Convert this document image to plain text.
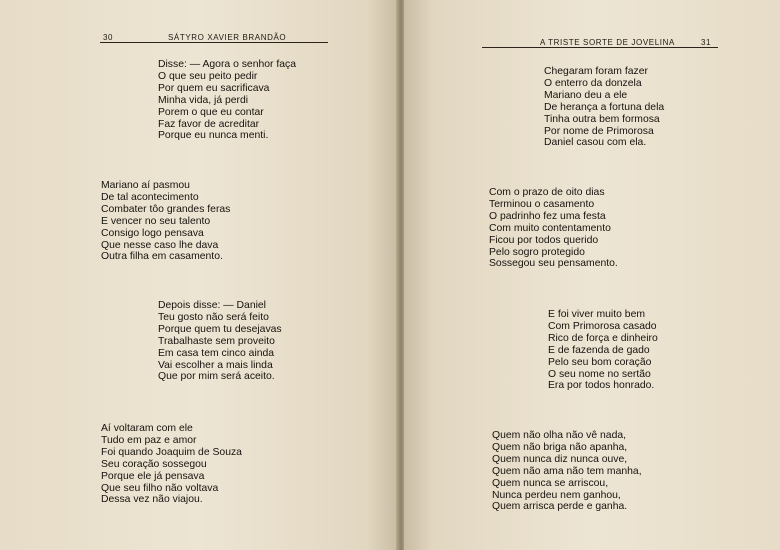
30	SÁTYRO XAVIER BRANDÃO
Disse: — Agora o senhor faça
O que seu peito pedir
Por quem eu sacrificava
Minha vida, já perdi
Porem o que eu contar
Faz favor de acreditar
Porque eu nunca menti.
Mariano aí pasmou
De tal acontecimento
Combater tôo grandes feras
E vencer no seu talento
Consigo logo pensava
Que nesse caso lhe dava
Outra filha em casamento.
Depois disse: — Daniel
Teu gosto não será feito
Porque quem tu desejavas
Trabalhaste sem proveito
Em casa tem cinco ainda
Vai escolher a mais linda
Que por mim será aceito.
Aí voltaram com ele
Tudo em paz e amor
Foi quando Joaquim de Souza
Seu coração sossegou
Porque ele já pensava
Que seu filho não voltava
Dessa vez não viajou.
A TRISTE SORTE DE JOVELINA	31
Chegaram foram fazer
O enterro da donzela
Mariano deu a ele
De herança a fortuna dela
Tinha outra bem formosa
Por nome de Primorosa
Daniel casou com ela.
Com o prazo de oito dias
Terminou o casamento
O padrinho fez uma festa
Com muito contentamento
Ficou por todos querido
Pelo sogro protegido
Sossegou seu pensamento.
E foi viver muito bem
Com Primorosa casado
Rico de força e dinheiro
E de fazenda de gado
Pelo seu bom coração
O seu nome no sertão
Era por todos honrado.
Quem não olha não vê nada,
Quem não briga não apanha,
Quem nunca diz nunca ouve,
Quem não ama não tem manha,
Quem nunca se arriscou,
Nunca perdeu nem ganhou,
Quem arrisca perde e ganha.
